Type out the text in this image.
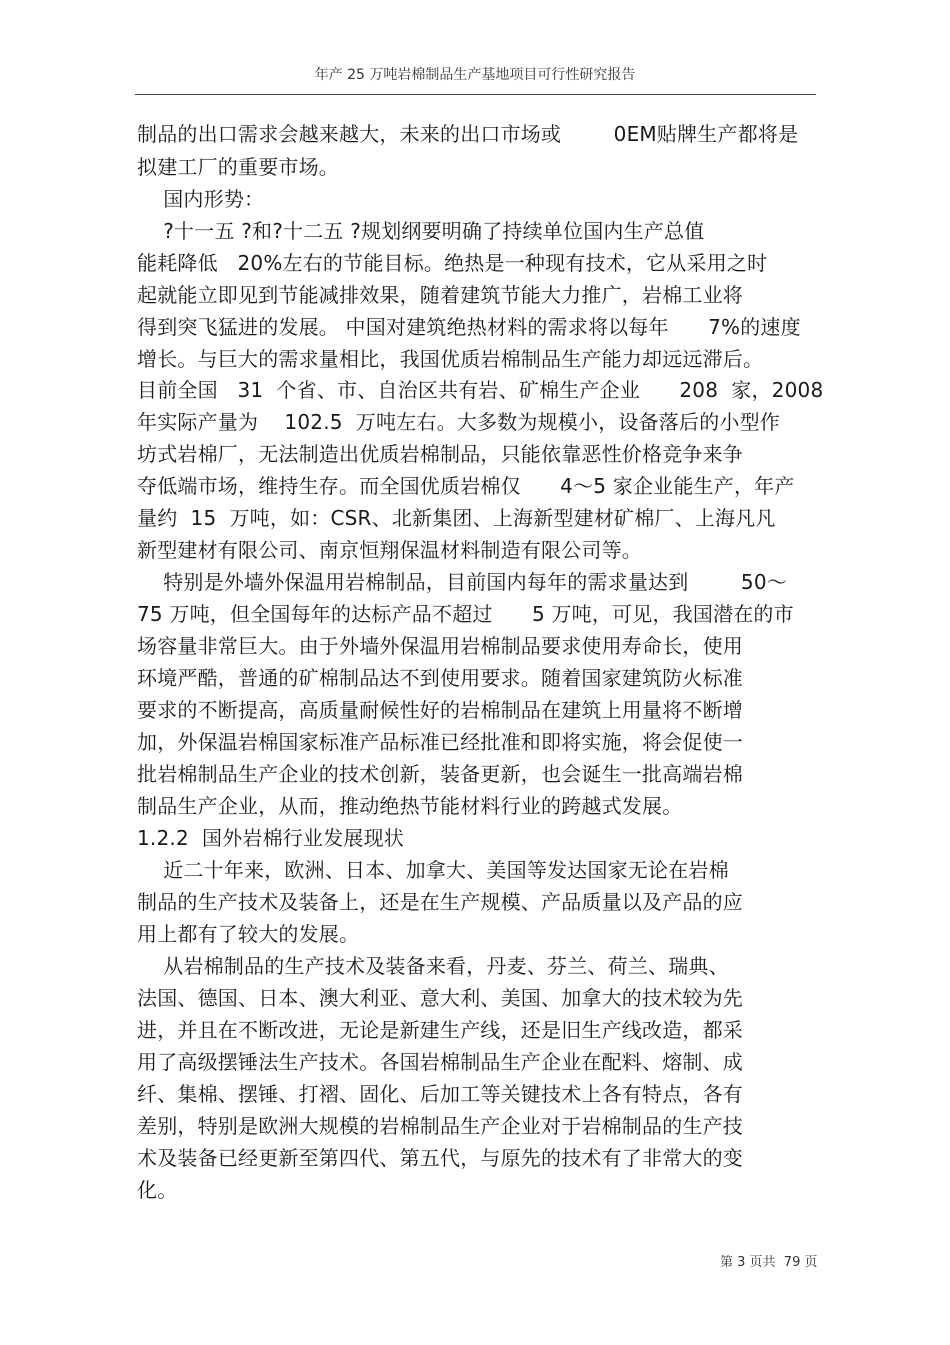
年产 25 万吨岩棉制品生产基地项目可行性研究报告
制品的出口需求会越来越大，未来的出口市场或        0EM贴牌生产都将是
拟建工厂的重要市场。
国内形势：
?十一五 ?和?十二五 ?规划纲要明确了持续单位国内生产总值
能耗降低   20%左右的节能目标。绝热是一种现有技术，它从采用之时
起就能立即见到节能减排效果，随着建筑节能大力推广，岩棉工业将
得到突飞猛进的发展。 中国对建筑绝热材料的需求将以每年      7%的速度
增长。与巨大的需求量相比，我国优质岩棉制品生产能力却远远滞后。
目前全国   31  个省、市、自治区共有岩、矿棉生产企业      208  家，2008
年实际产量为    102.5  万吨左右。大多数为规模小，设备落后的小型作
坊式岩棉厂，无法制造出优质岩棉制品，只能依靠恶性价格竞争来争
夺低端市场，维持生存。而全国优质岩棉仅      4～5 家企业能生产，年产
量约  15  万吨，如：CSR、北新集团、上海新型建材矿棉厂、上海凡凡
新型建材有限公司、南京恒翔保温材料制造有限公司等。
特别是外墙外保温用岩棉制品，目前国内每年的需求量达到        50～
75 万吨，但全国每年的达标产品不超过      5 万吨，可见，我国潜在的市
场容量非常巨大。由于外墙外保温用岩棉制品要求使用寿命长，使用
环境严酷，普通的矿棉制品达不到使用要求。随着国家建筑防火标准
要求的不断提高，高质量耐候性好的岩棉制品在建筑上用量将不断增
加，外保温岩棉国家标准产品标准已经批准和即将实施，将会促使一
批岩棉制品生产企业的技术创新，装备更新，也会诞生一批高端岩棉
制品生产企业，从而，推动绝热节能材料行业的跨越式发展。
1.2.2  国外岩棉行业发展现状
近二十年来，欧洲、日本、加拿大、美国等发达国家无论在岩棉
制品的生产技术及装备上，还是在生产规模、产品质量以及产品的应
用上都有了较大的发展。
从岩棉制品的生产技术及装备来看，丹麦、芬兰、荷兰、瑞典、
法国、德国、日本、澳大利亚、意大利、美国、加拿大的技术较为先
进，并且在不断改进，无论是新建生产线，还是旧生产线改造，都采
用了高级摆锤法生产技术。各国岩棉制品生产企业在配料、熔制、成
纤、集棉、摆锤、打褶、固化、后加工等关键技术上各有特点，各有
差别，特别是欧洲大规模的岩棉制品生产企业对于岩棉制品的生产技
术及装备已经更新至第四代、第五代，与原先的技术有了非常大的变
化。
第 3 页共  79 页
